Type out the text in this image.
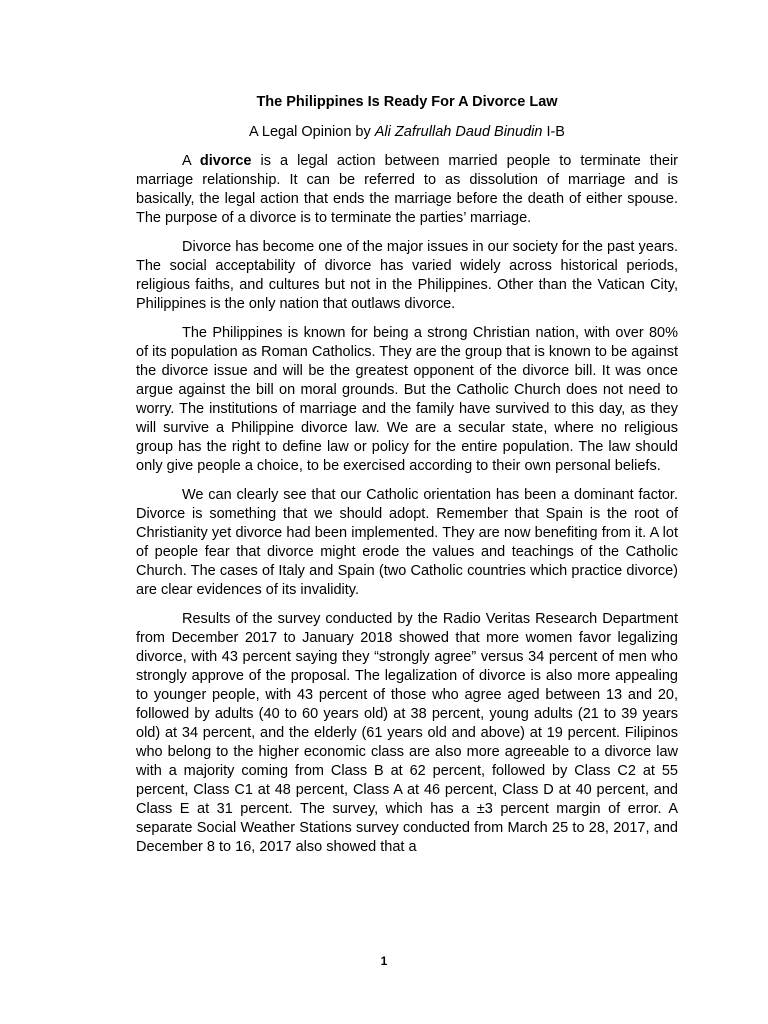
The Philippines Is Ready For A Divorce Law
A Legal Opinion by Ali Zafrullah Daud Binudin I-B

A divorce is a legal action between married people to terminate their marriage relationship. It can be referred to as dissolution of marriage and is basically, the legal action that ends the marriage before the death of either spouse. The purpose of a divorce is to terminate the parties’ marriage.

Divorce has become one of the major issues in our society for the past years. The social acceptability of divorce has varied widely across historical periods, religious faiths, and cultures but not in the Philippines. Other than the Vatican City, Philippines is the only nation that outlaws divorce.

The Philippines is known for being a strong Christian nation, with over 80% of its population as Roman Catholics. They are the group that is known to be against the divorce issue and will be the greatest opponent of the divorce bill. It was once argue against the bill on moral grounds. But the Catholic Church does not need to worry. The institutions of marriage and the family have survived to this day, as they will survive a Philippine divorce law. We are a secular state, where no religious group has the right to define law or policy for the entire population. The law should only give people a choice, to be exercised according to their own personal beliefs.

We can clearly see that our Catholic orientation has been a dominant factor. Divorce is something that we should adopt. Remember that Spain is the root of Christianity yet divorce had been implemented. They are now benefiting from it. A lot of people fear that divorce might erode the values and teachings of the Catholic Church. The cases of Italy and Spain (two Catholic countries which practice divorce) are clear evidences of its invalidity.

Results of the survey conducted by the Radio Veritas Research Department from December 2017 to January 2018 showed that more women favor legalizing divorce, with 43 percent saying they “strongly agree” versus 34 percent of men who strongly approve of the proposal. The legalization of divorce is also more appealing to younger people, with 43 percent of those who agree aged between 13 and 20, followed by adults (40 to 60 years old) at 38 percent, young adults (21 to 39 years old) at 34 percent, and the elderly (61 years old and above) at 19 percent. Filipinos who belong to the higher economic class are also more agreeable to a divorce law with a majority coming from Class B at 62 percent, followed by Class C2 at 55 percent, Class C1 at 48 percent, Class A at 46 percent, Class D at 40 percent, and Class E at 31 percent. The survey, which has a ±3 percent margin of error. A separate Social Weather Stations survey conducted from March 25 to 28, 2017, and December 8 to 16, 2017 also showed that a

1
